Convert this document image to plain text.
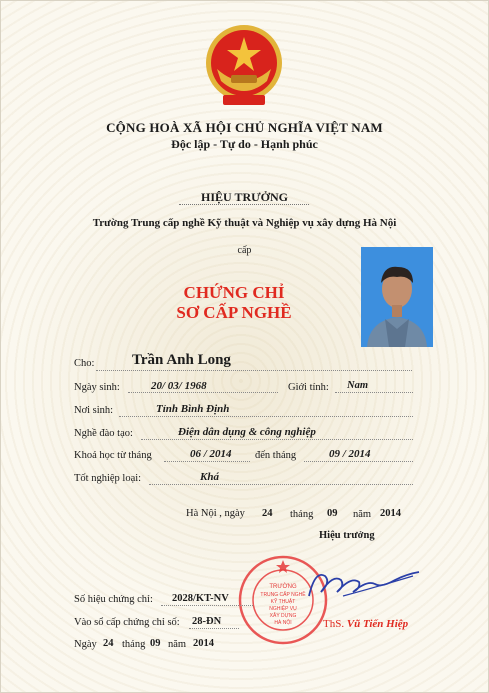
CỘNG HOÀ XÃ HỘI CHỦ NGHĨA VIỆT NAM
Độc lập - Tự do - Hạnh phúc
HIỆU TRƯỞNG
Trường Trung cấp nghề Kỹ thuật và Nghiệp vụ xây dựng Hà Nội
cấp
CHỨNG CHỈ
SƠ CẤP NGHỀ
Cho:	Trần Anh Long
Ngày sinh:	20/ 03/ 1968	Giới tính: Nam
Nơi sinh:	Tỉnh Bình Định
Nghề đào tạo:	Điện dân dụng & công nghiệp
Khoá học từ tháng	06 / 2014 đến tháng	09 / 2014
Tốt nghiệp loại:	Khá
Hà Nội , ngày 24 tháng 09 năm 2014
Hiệu trưởng
TRƯỜNG
TRUNG CẤP NGHỀ
KỸ THUẬT
NGHIỆP VỤ
XÂY DỰNG
HÀ NỘI	ThS. Vũ Tiến Hiệp
Số hiệu chứng chỉ: 2028/KT-NV
Vào sổ cấp chứng chỉ số: 28-ĐN
Ngày 24 tháng 09 năm 2014
